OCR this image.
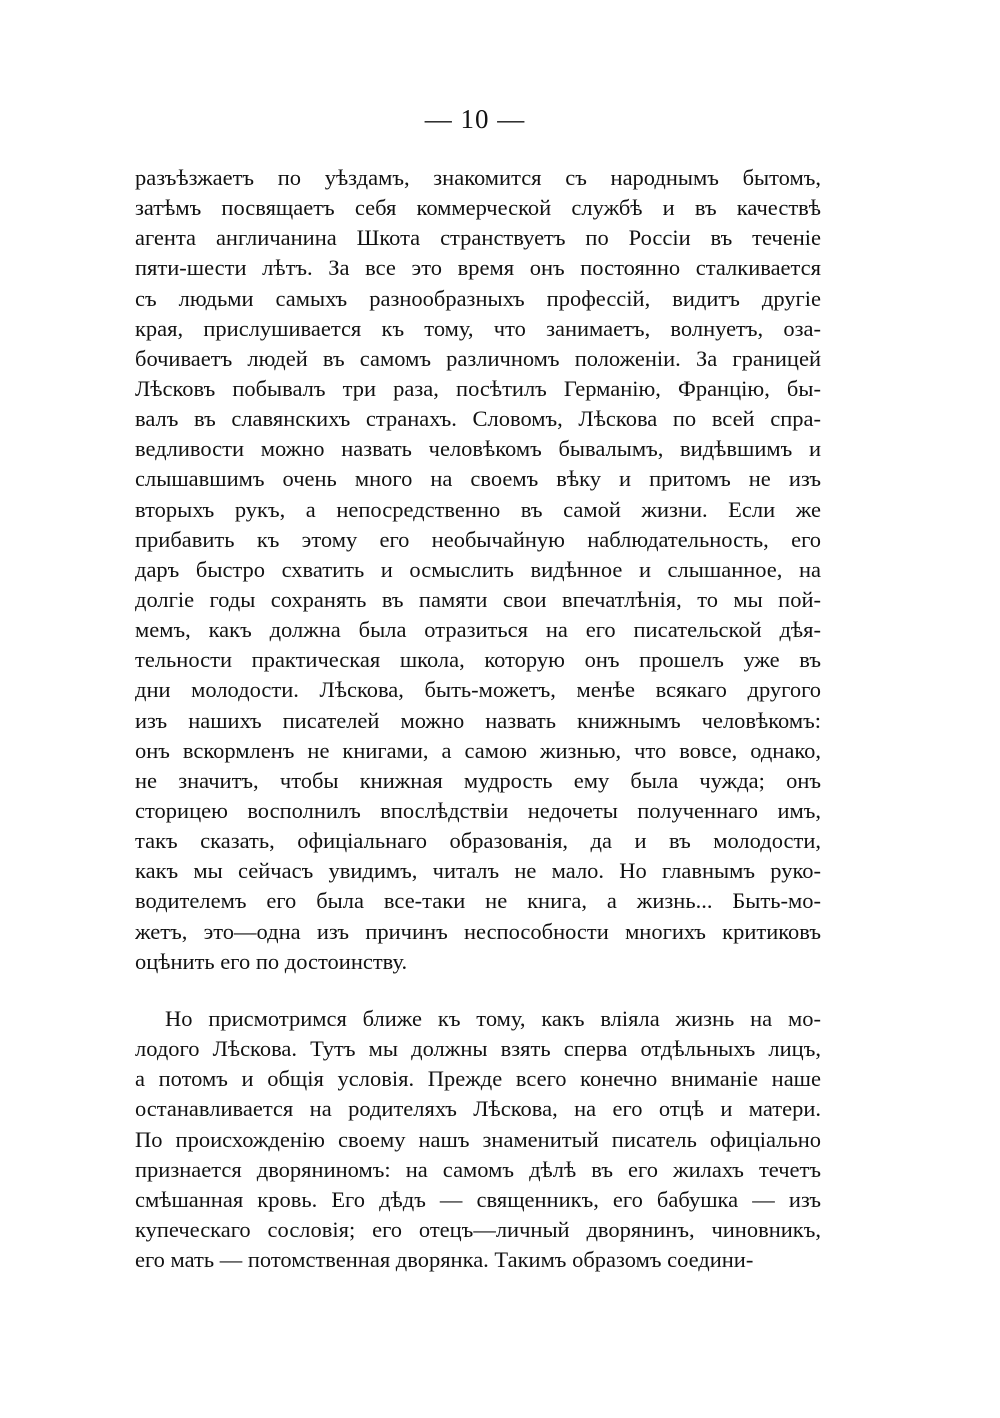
— 10 —
разъѣзжаетъ по уѣздамъ, знакомится съ народнымъ бытомъ,
затѣмъ посвящаетъ себя коммерческой службѣ и въ качествѣ
агента англичанина Шкота странствуетъ по Россіи въ теченіе
пяти-шести лѣтъ. За все это время онъ постоянно сталкивается
съ людьми самыхъ разнообразныхъ профессій, видитъ другіе
края, прислушивается къ тому, что занимаетъ, волнуетъ, оза-
бочиваетъ людей въ самомъ различномъ положеніи. За границей
Лѣсковъ побывалъ три раза, посѣтилъ Германію, Францію, бы-
валъ въ славянскихъ странахъ. Словомъ, Лѣскова по всей спра-
ведливости можно назвать человѣкомъ бывалымъ, видѣвшимъ и
слышавшимъ очень много на своемъ вѣку и притомъ не изъ
вторыхъ рукъ, а непосредственно въ самой жизни. Если же
прибавить къ этому его необычайную наблюдательность, его
даръ быстро схватить и осмыслить видѣнное и слышанное, на
долгіе годы сохранять въ памяти свои впечатлѣнія, то мы пой-
мемъ, какъ должна была отразиться на его писательской дѣя-
тельности практическая школа, которую онъ прошелъ уже въ
дни молодости. Лѣскова, быть-можетъ, менѣе всякаго другого
изъ нашихъ писателей можно назвать книжнымъ человѣкомъ:
онъ вскормленъ не книгами, а самою жизнью, что вовсе, однако,
не значитъ, чтобы книжная мудрость ему была чужда; онъ
сторицею восполнилъ впослѣдствіи недочеты полученнаго имъ,
такъ сказать, офиціальнаго образованія, да и въ молодости,
какъ мы сейчасъ увидимъ, читалъ не мало. Но главнымъ руко-
водителемъ его была все-таки не книга, а жизнь... Быть-мо-
жетъ, это—одна изъ причинъ неспособности многихъ критиковъ
оцѣнить его по достоинству.
Но присмотримся ближе къ тому, какъ вліяла жизнь на мо-
лодого Лѣскова. Тутъ мы должны взять сперва отдѣльныхъ лицъ,
а потомъ и общія условія. Прежде всего конечно вниманіе наше
останавливается на родителяхъ Лѣскова, на его отцѣ и матери.
По происхожденію своему нашъ знаменитый писатель офиціально
признается дворяниномъ: на самомъ дѣлѣ въ его жилахъ течетъ
смѣшанная кровь. Его дѣдъ — священникъ, его бабушка — изъ
купеческаго сословія; его отецъ—личный дворянинъ, чиновникъ,
его мать — потомственная дворянка. Такимъ образомъ соедини-
